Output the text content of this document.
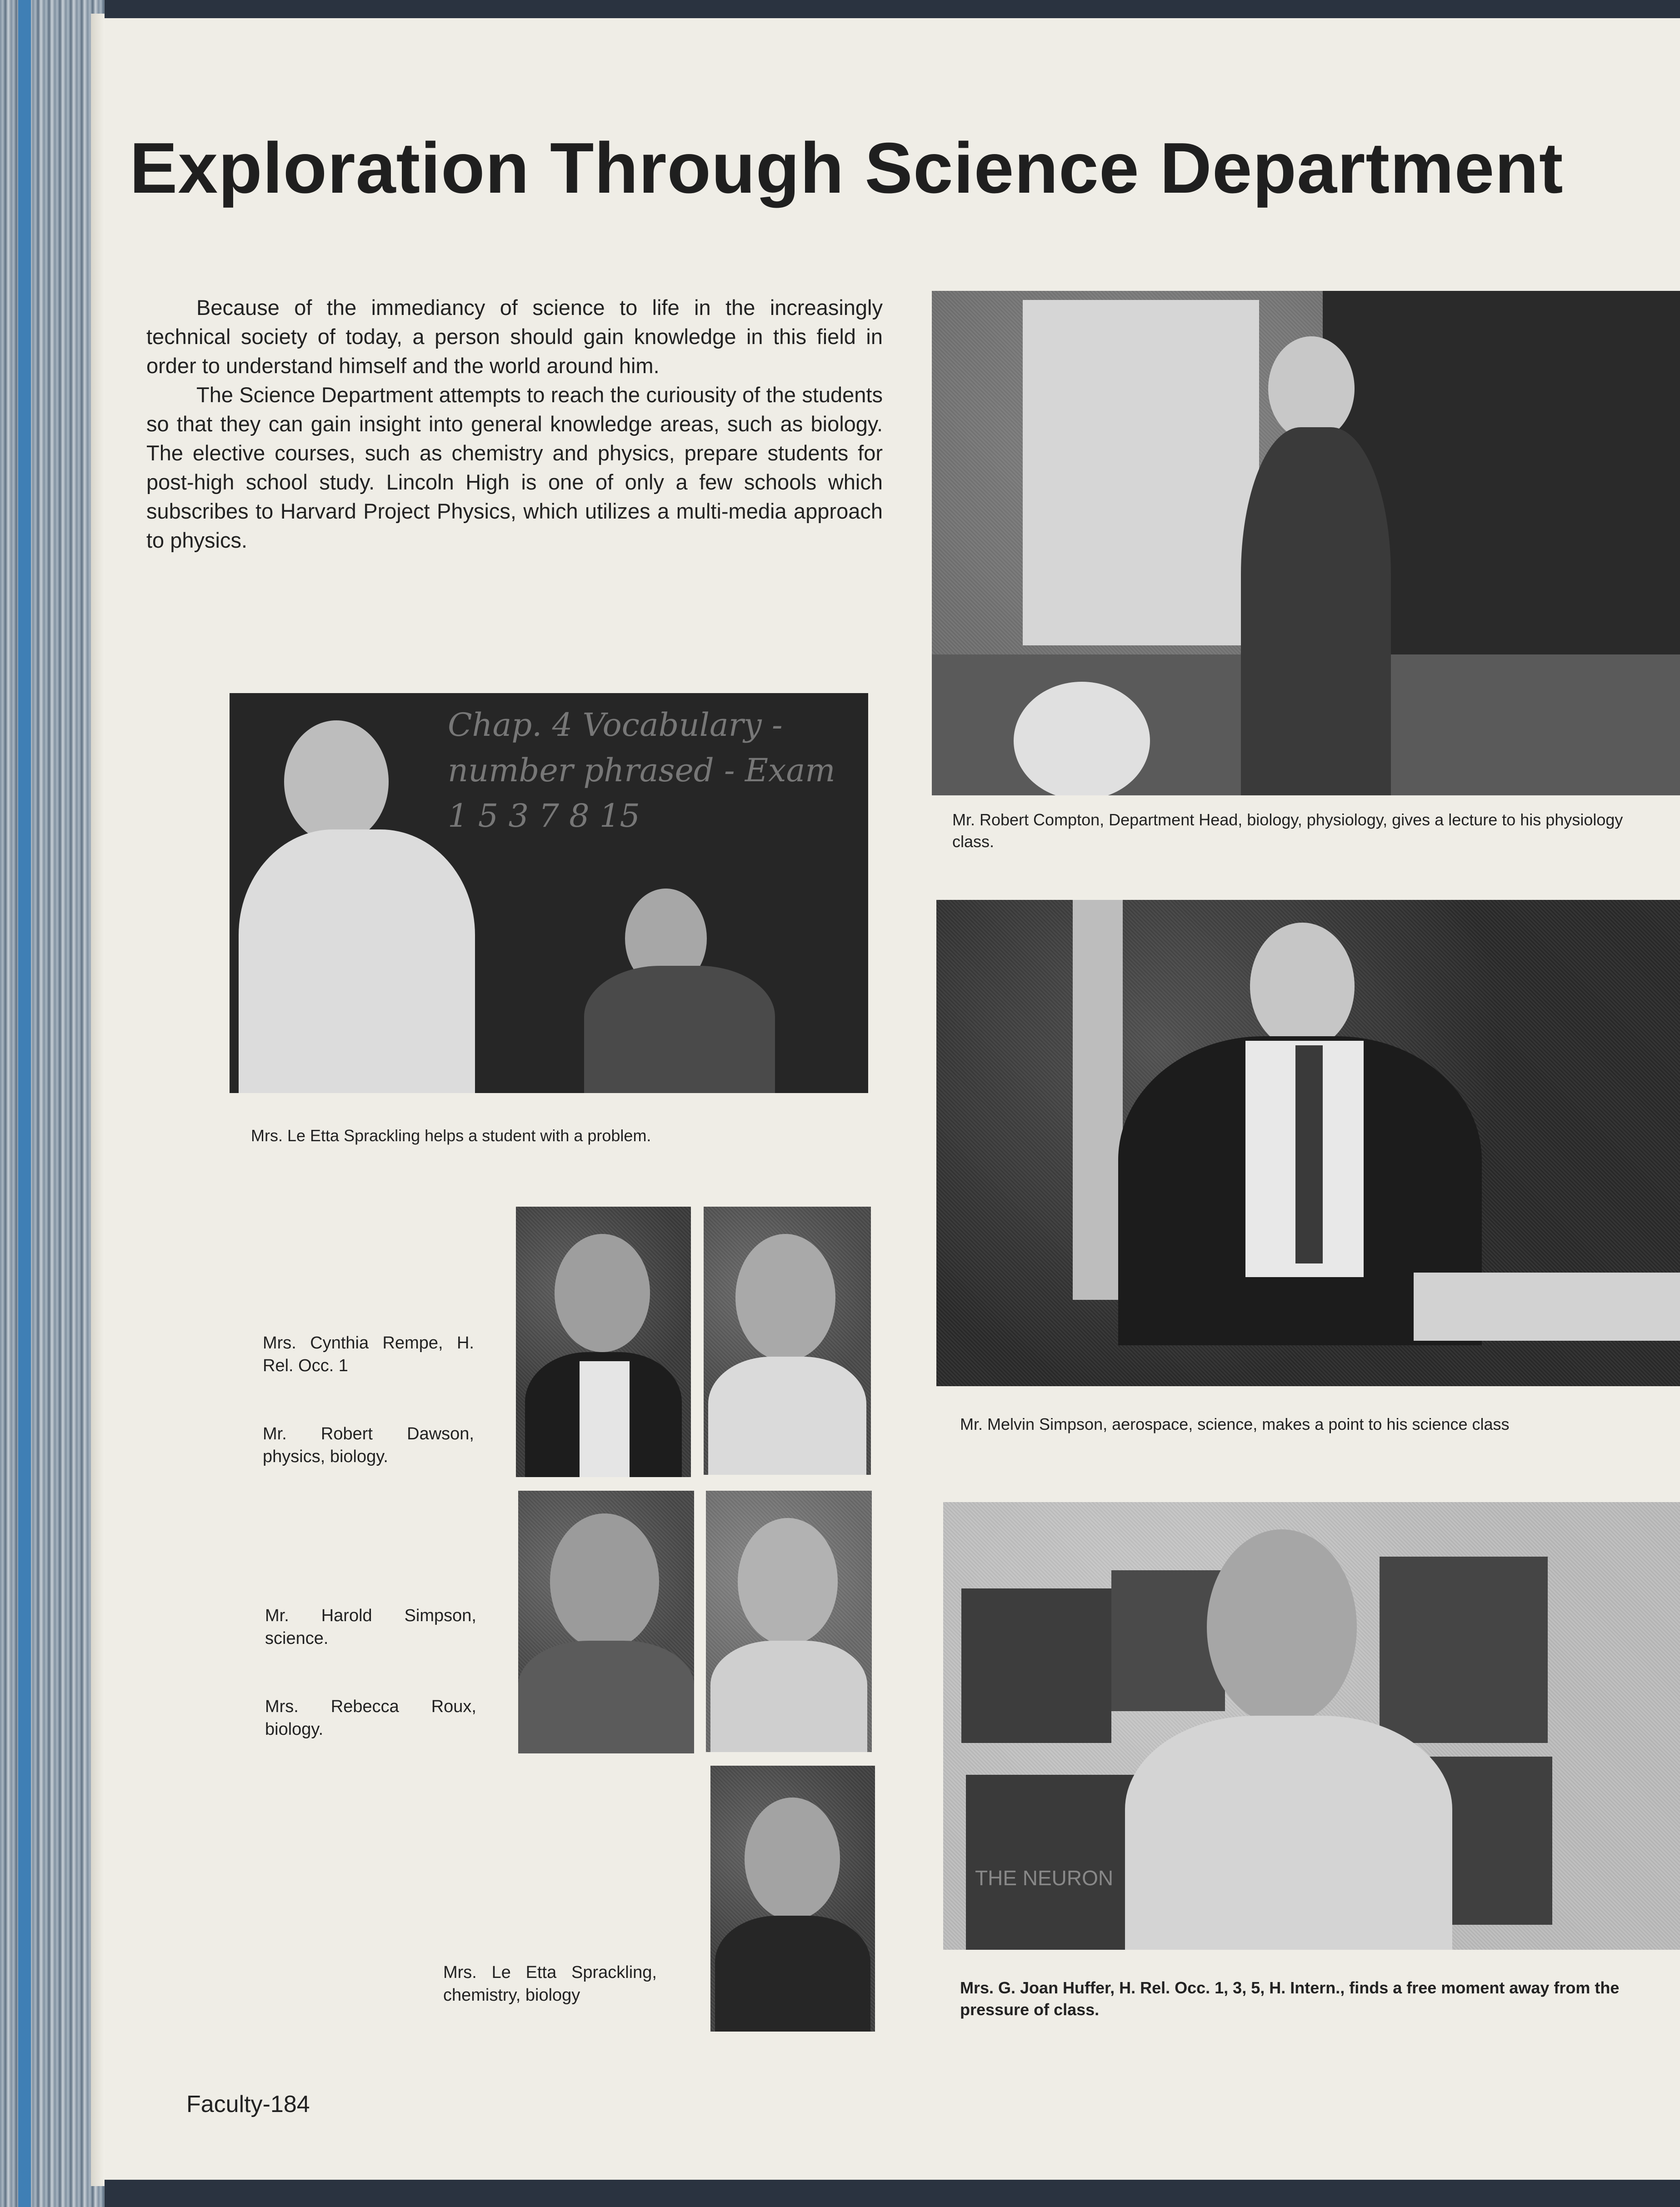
Exploration Through Science Department

Because of the immediancy of science to life in the increasingly technical society of today, a person should gain knowledge in this field in order to understand himself and the world around him.

The Science Department attempts to reach the curiousity of the students so that they can gain insight into general knowledge areas, such as biology. The elective courses, such as chemistry and physics, prepare students for post-high school study. Lincoln High is one of only a few schools which subscribes to Harvard Project Physics, which utilizes a multi-media approach to physics.

Chap. 4 Vocabulary - number phrased - Exam 1 5 3 7 8 15
Mrs. Le Etta Sprackling helps a student with a problem.
Mr. Robert Compton, Department Head, biology, physiology, gives a lecture to his physiology class.
Mr. Melvin Simpson, aerospace, science, makes a point to his science class
THE NEURON
Mrs. G. Joan Huffer, H. Rel. Occ. 1, 3, 5, H. Intern., finds a free moment away from the pressure of class.
Mrs. Cynthia Rempe, H. Rel. Occ. 1
Mr. Robert Dawson, physics, biology.
Mr. Harold Simpson, science.
Mrs. Rebecca Roux, biology.
Mrs. Le Etta Sprackling, chemistry, biology
Faculty-184
